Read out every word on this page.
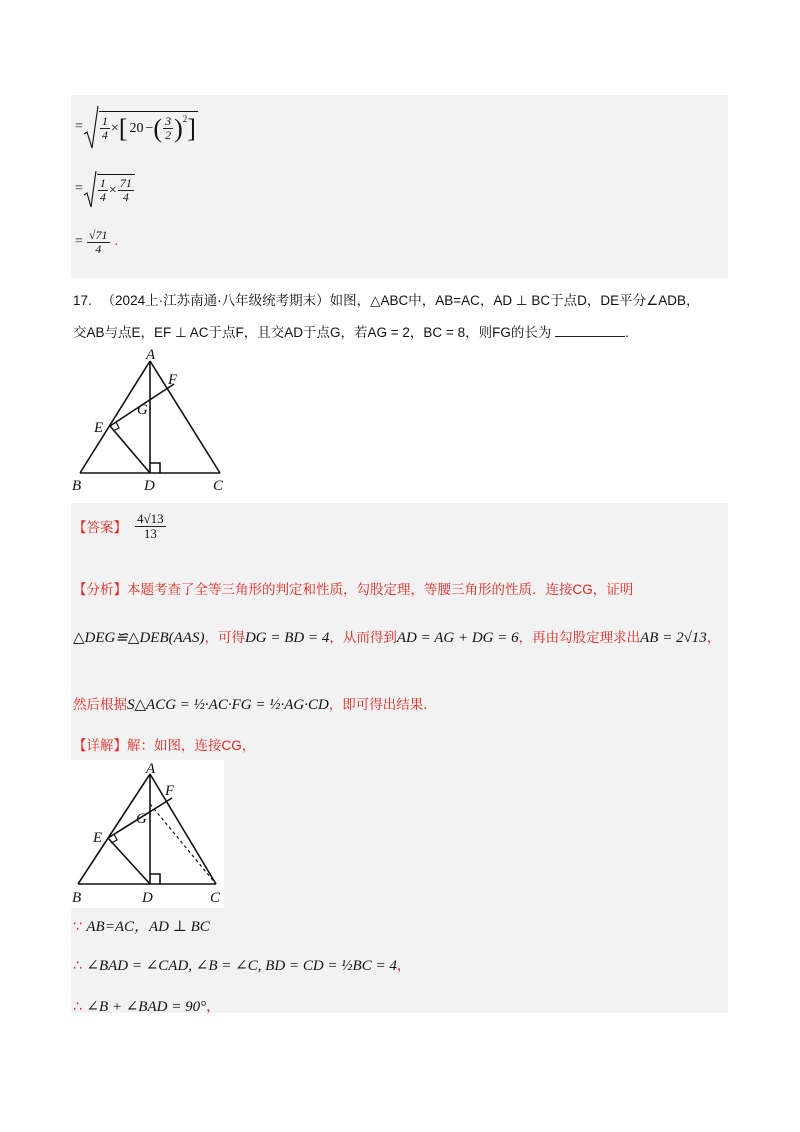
= $\frac{1}{4}$ × [ 20 − ( $\frac{3}{2} )^2$ ]
= $\frac{1}{4} \times \frac{71}{4}$
= $\frac{√71}{4}$ .
17. （2024上·江苏南通·八年级统考期末）如图，△ABC中，AB=AC，AD ⊥ BC于点D，DE平分∠ADB，
交AB与点E，EF ⊥ AC于点F，且交AD于点G，若AG = 2，BC = 8，则FG的长为	.
A
F
G
E
B	D	C
【答案】 $\frac{4√13}{13}$
【分析】本题考查了全等三角形的判定和性质，勾股定理，等腰三角形的性质．连接CG，证明
△DEG≌△DEB(AAS)，可得DG = BD = 4，从而得到AD = AG + DG = 6，再由勾股定理求出AB = 2√13，
然后根据S△ACG = ½·AC·FG = ½·AG·CD，即可得出结果．
【详解】解：如图，连接CG，
A
F
G
E
B	D	C
∵ AB=AC，AD ⊥ BC
∴ ∠BAD = ∠CAD, ∠B = ∠C, BD = CD = ½BC = 4，
∴ ∠B + ∠BAD = 90°，
